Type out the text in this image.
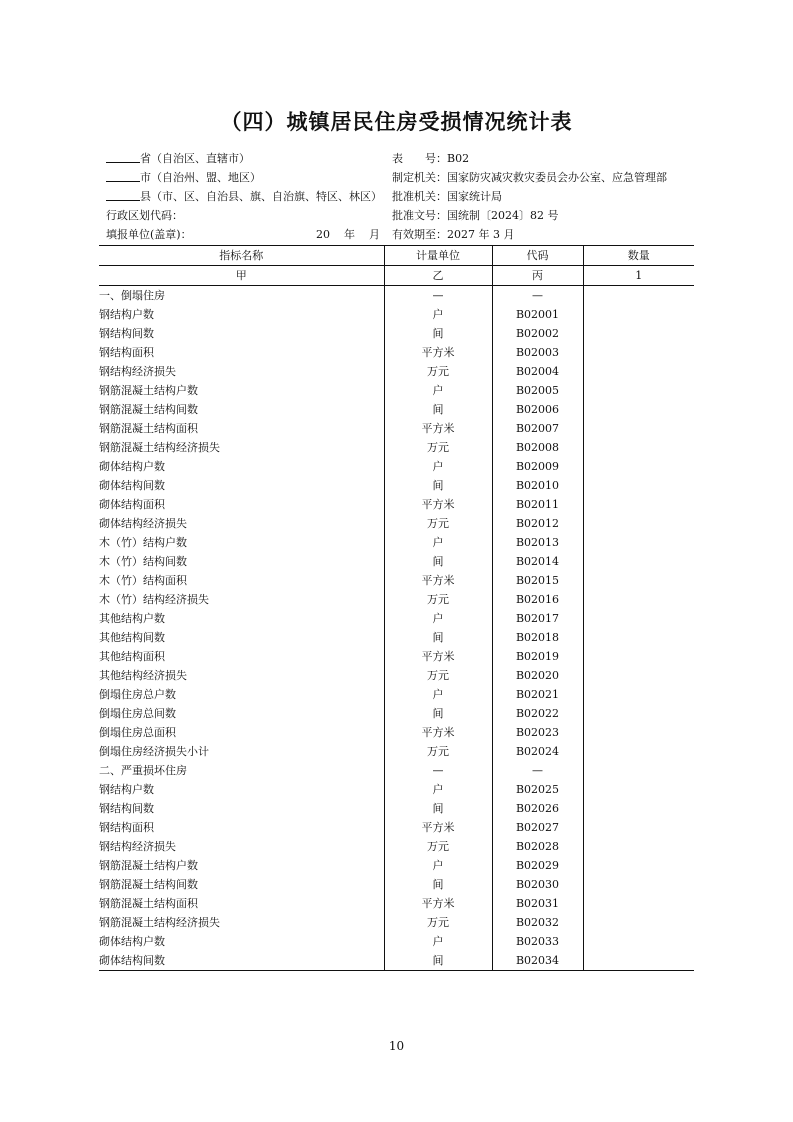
（四）城镇居民住房受损情况统计表
省（自治区、直辖市）	表　　号：B02
市（自治州、盟、地区）	制定机关：国家防灾减灾救灾委员会办公室、应急管理部
县（市、区、自治县、旗、自治旗、特区、林区） 批准机关：国家统计局
行政区划代码：	批准文号：国统制〔2024〕82 号
填报单位(盖章)：	20 年 月	有效期至：2027 年 3 月
指标名称	计量单位	代码	数量
甲	乙	丙	1
一、倒塌住房	—	—	
钢结构户数	户	B02001	
钢结构间数	间	B02002	
钢结构面积	平方米	B02003	
钢结构经济损失	万元	B02004	
钢筋混凝土结构户数	户	B02005	
钢筋混凝土结构间数	间	B02006	
钢筋混凝土结构面积	平方米	B02007	
钢筋混凝土结构经济损失	万元	B02008	
砌体结构户数	户	B02009	
砌体结构间数	间	B02010	
砌体结构面积	平方米	B02011	
砌体结构经济损失	万元	B02012	
木（竹）结构户数	户	B02013	
木（竹）结构间数	间	B02014	
木（竹）结构面积	平方米	B02015	
木（竹）结构经济损失	万元	B02016	
其他结构户数	户	B02017	
其他结构间数	间	B02018	
其他结构面积	平方米	B02019	
其他结构经济损失	万元	B02020	
倒塌住房总户数	户	B02021	
倒塌住房总间数	间	B02022	
倒塌住房总面积	平方米	B02023	
倒塌住房经济损失小计	万元	B02024	
二、严重损坏住房	—	—	
钢结构户数	户	B02025	
钢结构间数	间	B02026	
钢结构面积	平方米	B02027	
钢结构经济损失	万元	B02028	
钢筋混凝土结构户数	户	B02029	
钢筋混凝土结构间数	间	B02030	
钢筋混凝土结构面积	平方米	B02031	
钢筋混凝土结构经济损失	万元	B02032	
砌体结构户数	户	B02033	
砌体结构间数	间	B02034	
10
